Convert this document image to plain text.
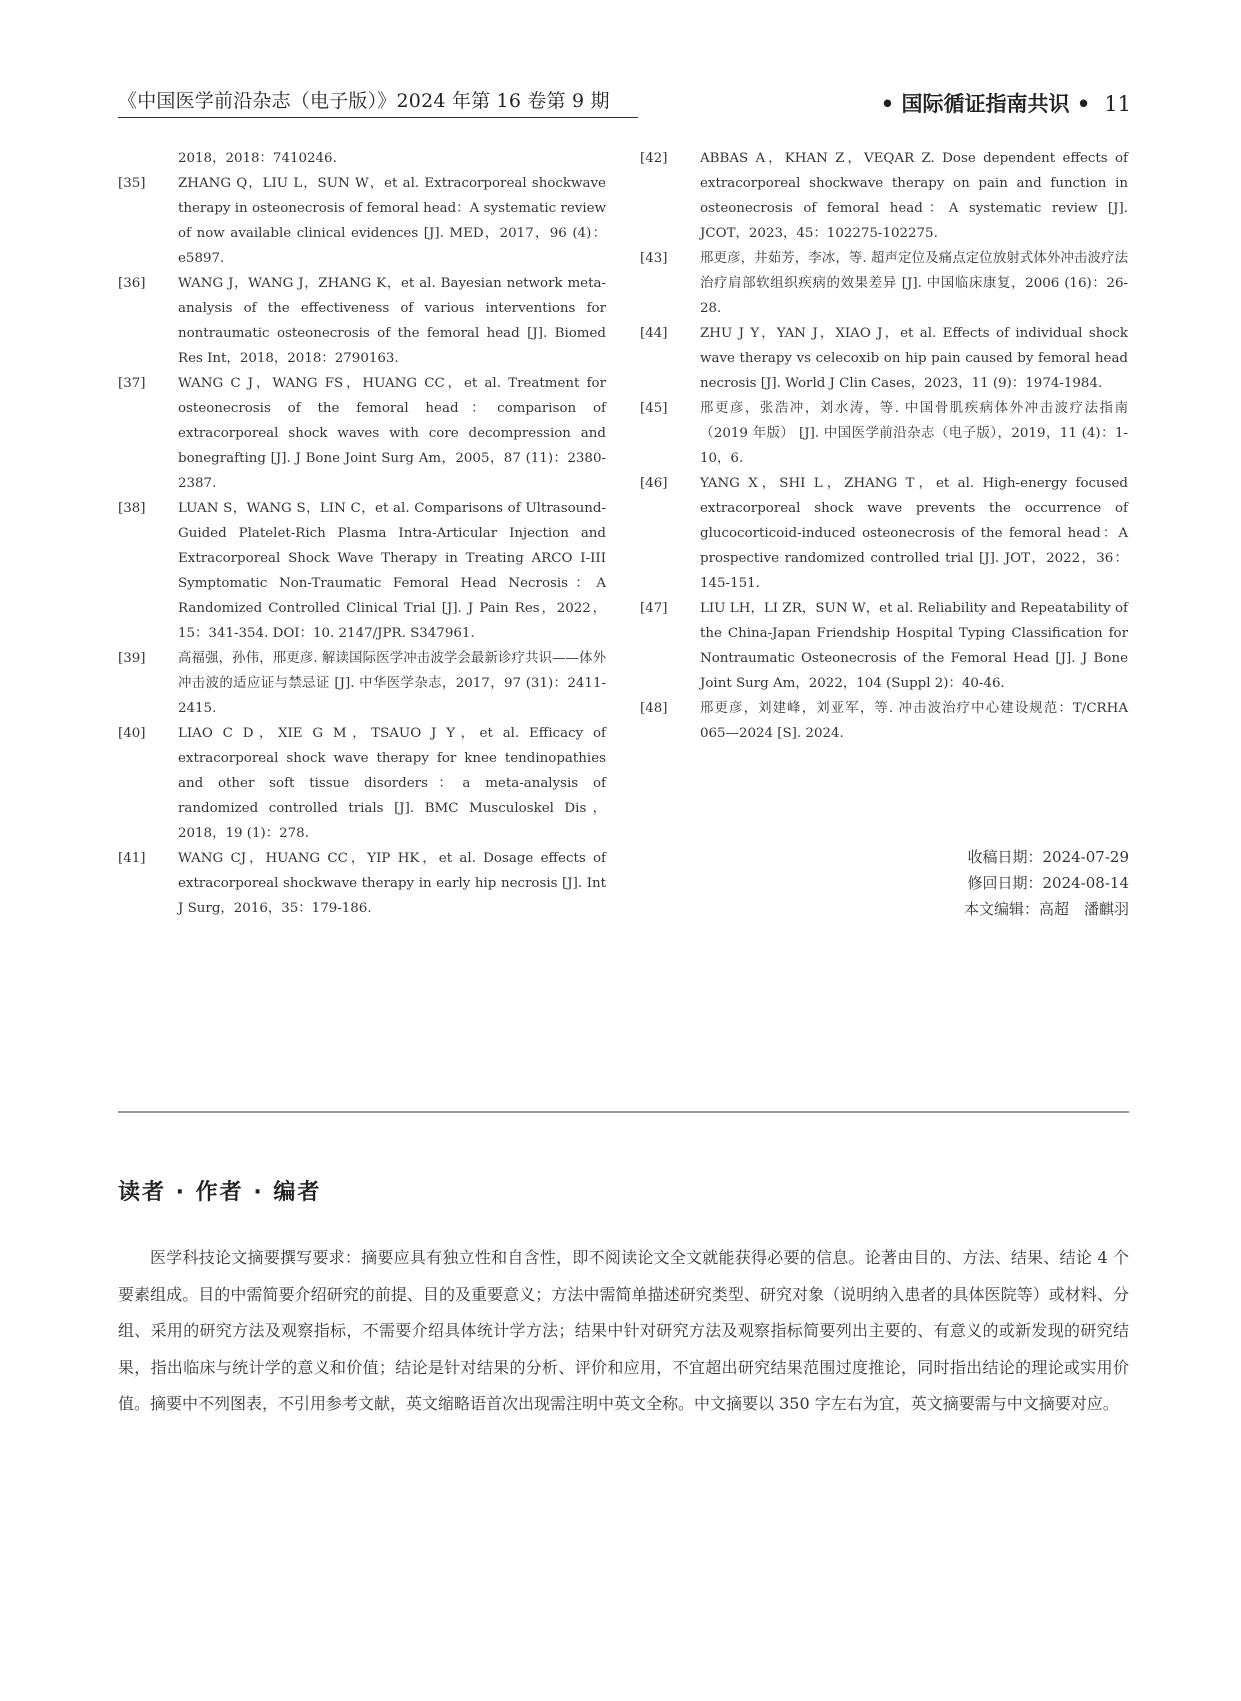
《中国医学前沿杂志（电子版）》2024 年第 16 卷第 9 期	• 国际循证指南共识 • 11
2018，2018：7410246.
[35]	ZHANG Q，LIU L，SUN W，et al. Extracorporeal shockwave therapy in osteonecrosis of femoral head：A systematic review of now available clinical evidences [J]. MED，2017，96 (4)：e5897.
[36]	WANG J，WANG J，ZHANG K，et al. Bayesian network meta-analysis of the effectiveness of various interventions for nontraumatic osteonecrosis of the femoral head [J]. Biomed Res Int，2018，2018：2790163.
[37]	WANG C J，WANG FS，HUANG CC，et al. Treatment for osteonecrosis of the femoral head：comparison of extracorporeal shock waves with core decompression and bonegrafting [J]. J Bone Joint Surg Am，2005，87 (11)：2380-2387.
[38]	LUAN S，WANG S，LIN C，et al. Comparisons of Ultrasound-Guided Platelet-Rich Plasma Intra-Articular Injection and Extracorporeal Shock Wave Therapy in Treating ARCO I-III Symptomatic Non-Traumatic Femoral Head Necrosis：A Randomized Controlled Clinical Trial [J]. J Pain Res，2022，15：341-354. DOI：10. 2147/JPR. S347961.
[39]	高福强，孙伟，邢更彦. 解读国际医学冲击波学会最新诊疗共识——体外冲击波的适应证与禁忌证 [J]. 中华医学杂志，2017，97 (31)：2411-2415.
[40]	LIAO C D，XIE G M，TSAUO J Y，et al. Efficacy of extracorporeal shock wave therapy for knee tendinopathies and other soft tissue disorders：a meta-analysis of randomized controlled trials [J]. BMC Musculoskel Dis，2018，19 (1)：278.
[41]	WANG CJ，HUANG CC，YIP HK，et al. Dosage effects of extracorporeal shockwave therapy in early hip necrosis [J]. Int J Surg，2016，35：179-186.
[42]	ABBAS A，KHAN Z，VEQAR Z. Dose dependent effects of extracorporeal shockwave therapy on pain and function in osteonecrosis of femoral head：A systematic review [J]. JCOT，2023，45：102275-102275.
[43]	邢更彦，井茹芳，李冰，等. 超声定位及痛点定位放射式体外冲击波疗法治疗肩部软组织疾病的效果差异 [J]. 中国临床康复，2006 (16)：26-28.
[44]	ZHU J Y，YAN J，XIAO J，et al. Effects of individual shock wave therapy vs celecoxib on hip pain caused by femoral head necrosis [J]. World J Clin Cases，2023，11 (9)：1974-1984.
[45]	邢更彦，张浩冲，刘水涛，等. 中国骨肌疾病体外冲击波疗法指南（2019 年版） [J]. 中国医学前沿杂志（电子版），2019，11 (4)：1-10，6.
[46]	YANG X，SHI L，ZHANG T，et al. High-energy focused extracorporeal shock wave prevents the occurrence of glucocorticoid-induced osteonecrosis of the femoral head：A prospective randomized controlled trial [J]. JOT，2022，36：145-151.
[47]	LIU LH，LI ZR，SUN W，et al. Reliability and Repeatability of the China-Japan Friendship Hospital Typing Classification for Nontraumatic Osteonecrosis of the Femoral Head [J]. J Bone Joint Surg Am，2022，104 (Suppl 2)：40-46.
[48]	邢更彦，刘建峰，刘亚军，等. 冲击波治疗中心建设规范：T/CRHA 065—2024 [S]. 2024.
收稿日期：2024-07-29
修回日期：2024-08-14
本文编辑：高超　潘麒羽
读者 · 作者 · 编者
医学科技论文摘要撰写要求：摘要应具有独立性和自含性，即不阅读论文全文就能获得必要的信息。论著由目的、方法、结果、结论 4 个要素组成。目的中需简要介绍研究的前提、目的及重要意义；方法中需简单描述研究类型、研究对象（说明纳入患者的具体医院等）或材料、分组、采用的研究方法及观察指标，不需要介绍具体统计学方法；结果中针对研究方法及观察指标简要列出主要的、有意义的或新发现的研究结果，指出临床与统计学的意义和价值；结论是针对结果的分析、评价和应用，不宜超出研究结果范围过度推论，同时指出结论的理论或实用价值。摘要中不列图表，不引用参考文献，英文缩略语首次出现需注明中英文全称。中文摘要以 350 字左右为宜，英文摘要需与中文摘要对应。
